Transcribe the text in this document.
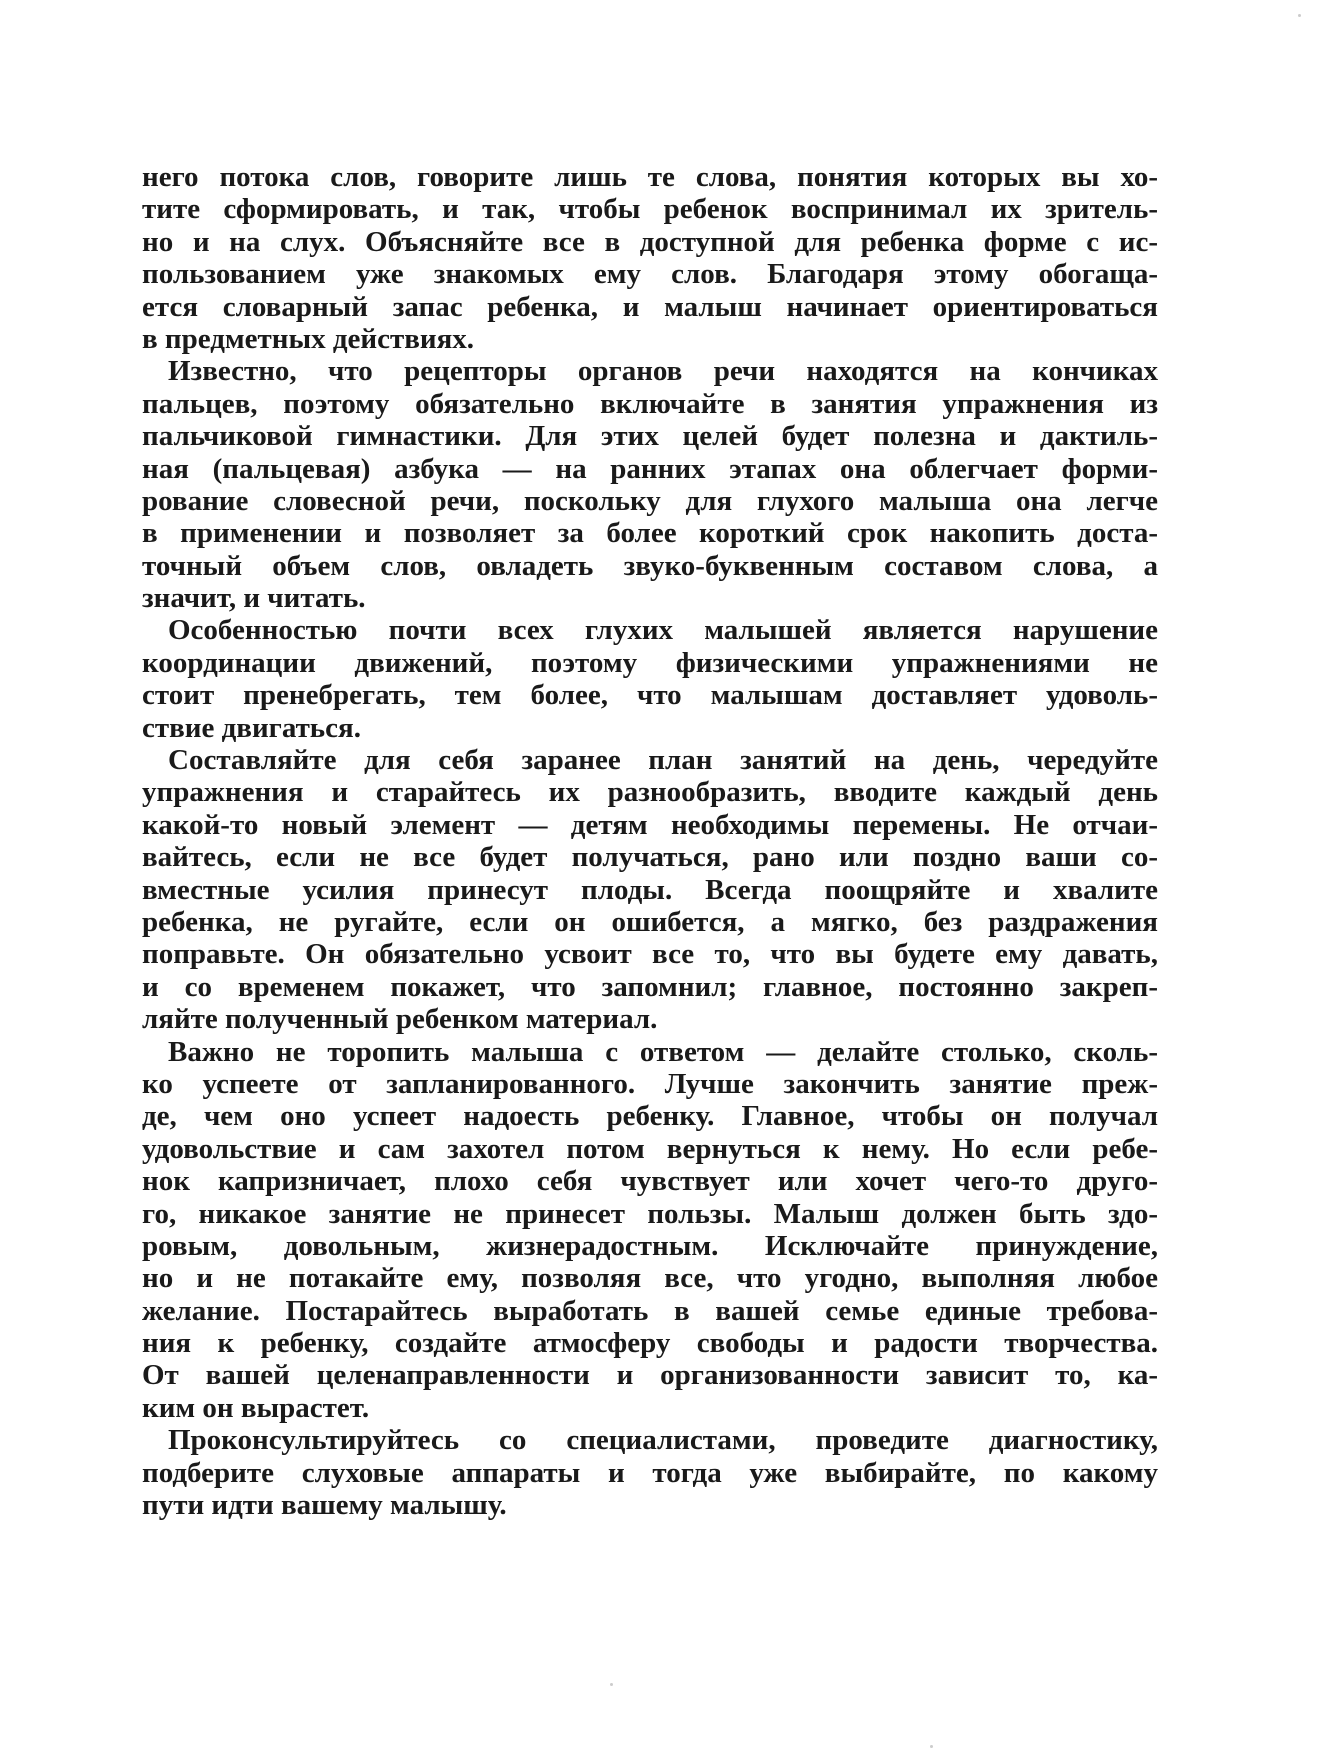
него потока слов, говорите лишь те слова, понятия которых вы хо-
тите сформировать, и так, чтобы ребенок воспринимал их зритель-
но и на слух. Объясняйте все в доступной для ребенка форме с ис-
пользованием уже знакомых ему слов. Благодаря этому обогаща-
ется словарный запас ребенка, и малыш начинает ориентироваться
в предметных действиях.
Известно, что рецепторы органов речи находятся на кончиках
пальцев, поэтому обязательно включайте в занятия упражнения из
пальчиковой гимнастики. Для этих целей будет полезна и дактиль-
ная (пальцевая) азбука — на ранних этапах она облегчает форми-
рование словесной речи, поскольку для глухого малыша она легче
в применении и позволяет за более короткий срок накопить доста-
точный объем слов, овладеть звуко-буквенным составом слова, а
значит, и читать.
Особенностью почти всех глухих малышей является нарушение
координации движений, поэтому физическими упражнениями не
стоит пренебрегать, тем более, что малышам доставляет удоволь-
ствие двигаться.
Составляйте для себя заранее план занятий на день, чередуйте
упражнения и старайтесь их разнообразить, вводите каждый день
какой-то новый элемент — детям необходимы перемены. Не отчаи-
вайтесь, если не все будет получаться, рано или поздно ваши со-
вместные усилия принесут плоды. Всегда поощряйте и хвалите
ребенка, не ругайте, если он ошибется, а мягко, без раздражения
поправьте. Он обязательно усвоит все то, что вы будете ему давать,
и со временем покажет, что запомнил; главное, постоянно закреп-
ляйте полученный ребенком материал.
Важно не торопить малыша с ответом — делайте столько, сколь-
ко успеете от запланированного. Лучше закончить занятие преж-
де, чем оно успеет надоесть ребенку. Главное, чтобы он получал
удовольствие и сам захотел потом вернуться к нему. Но если ребе-
нок капризничает, плохо себя чувствует или хочет чего-то друго-
го, никакое занятие не принесет пользы. Малыш должен быть здо-
ровым, довольным, жизнерадостным. Исключайте принуждение,
но и не потакайте ему, позволяя все, что угодно, выполняя любое
желание. Постарайтесь выработать в вашей семье единые требова-
ния к ребенку, создайте атмосферу свободы и радости творчества.
От вашей целенаправленности и организованности зависит то, ка-
ким он вырастет.
Проконсультируйтесь со специалистами, проведите диагностику,
подберите слуховые аппараты и тогда уже выбирайте, по какому
пути идти вашему малышу.
